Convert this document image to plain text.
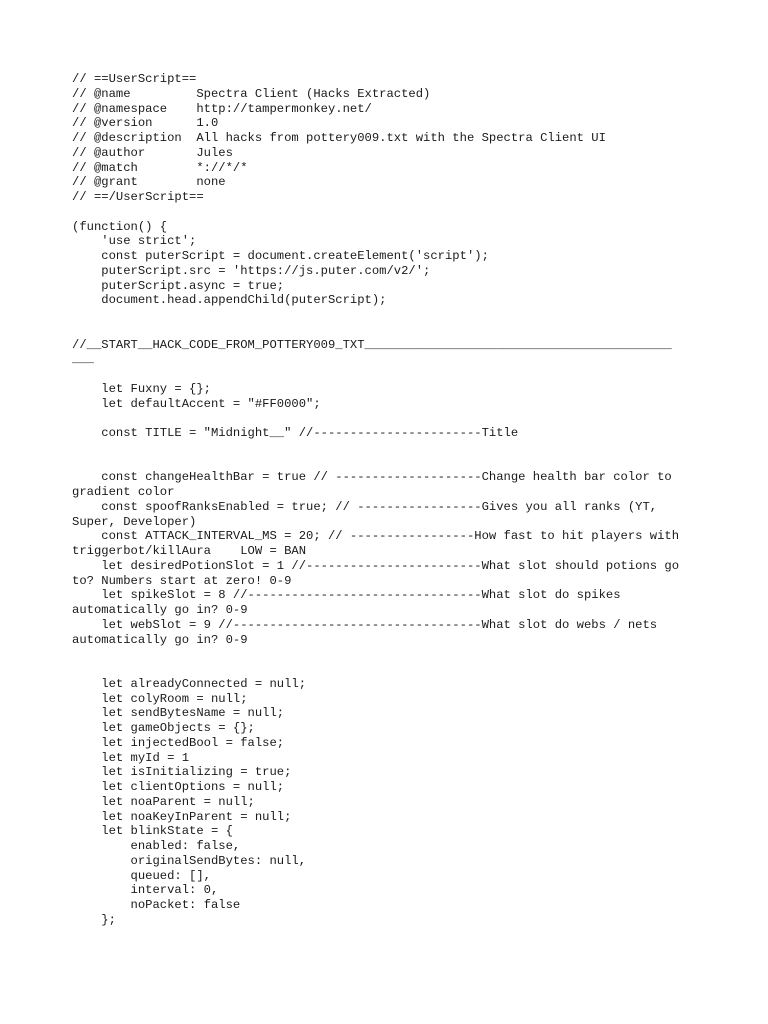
// ==UserScript==
// @name         Spectra Client (Hacks Extracted)
// @namespace    http://tampermonkey.net/
// @version      1.0
// @description  All hacks from pottery009.txt with the Spectra Client UI
// @author       Jules
// @match        *://*/*
// @grant        none
// ==/UserScript==
(function() {
'use strict';
const puterScript = document.createElement('script');
puterScript.src = 'https://js.puter.com/v2/';
puterScript.async = true;
document.head.appendChild(puterScript);
//__START__HACK_CODE_FROM_POTTERY009_TXT__________________________________________
___
let Fuxny = {};
let defaultAccent = "#FF0000";
const TITLE = "Midnight__" //-----------------------Title
const changeHealthBar = true // --------------------Change health bar color to
gradient color
const spoofRanksEnabled = true; // -----------------Gives you all ranks (YT,
Super, Developer)
const ATTACK_INTERVAL_MS = 20; // -----------------How fast to hit players with
triggerbot/killAura    LOW = BAN
let desiredPotionSlot = 1 //------------------------What slot should potions go
to? Numbers start at zero! 0-9
let spikeSlot = 8 //--------------------------------What slot do spikes
automatically go in? 0-9
let webSlot = 9 //----------------------------------What slot do webs / nets
automatically go in? 0-9
let alreadyConnected = null;
let colyRoom = null;
let sendBytesName = null;
let gameObjects = {};
let injectedBool = false;
let myId = 1
let isInitializing = true;
let clientOptions = null;
let noaParent = null;
let noaKeyInParent = null;
let blinkState = {
enabled: false,
originalSendBytes: null,
queued: [],
interval: 0,
noPacket: false
};
